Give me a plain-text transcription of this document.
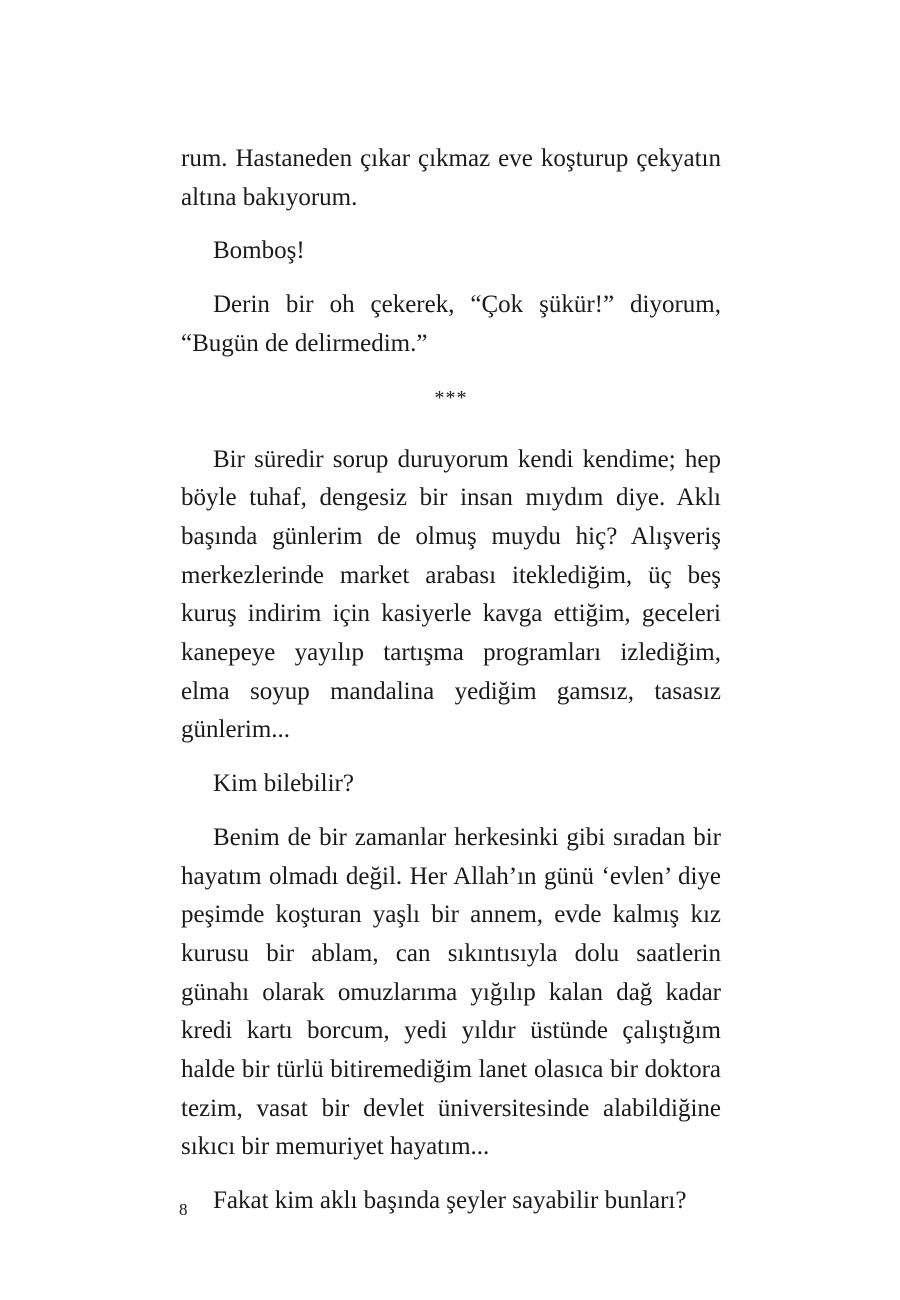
rum. Hastaneden çıkar çıkmaz eve koşturup çekyatın altına bakıyorum.

Bomboş!

Derin bir oh çekerek, “Çok şükür!” diyorum, “Bugün de delirmedim.”

***

Bir süredir sorup duruyorum kendi kendime; hep böyle tuhaf, dengesiz bir insan mıydım diye. Aklı başında günlerim de olmuş muydu hiç? Alışveriş merkezlerinde market arabası iteklediğim, üç beş kuruş indirim için kasiyerle kavga ettiğim, geceleri kanepeye yayılıp tartışma programları izlediğim, elma soyup mandalina yediğim gamsız, tasasız günlerim...

Kim bilebilir?

Benim de bir zamanlar herkesinki gibi sıradan bir hayatım olmadı değil. Her Allah’ın günü ‘evlen’ diye peşimde koşturan yaşlı bir annem, evde kalmış kız kurusu bir ablam, can sıkıntısıyla dolu saatlerin günahı olarak omuzlarıma yığılıp kalan dağ kadar kredi kartı borcum, yedi yıldır üstünde çalıştığım halde bir türlü bitiremediğim lanet olasıca bir doktora tezim, vasat bir devlet üniversitesinde alabildiğine sıkıcı bir memuriyet hayatım...

Fakat kim aklı başında şeyler sayabilir bunları?

8
